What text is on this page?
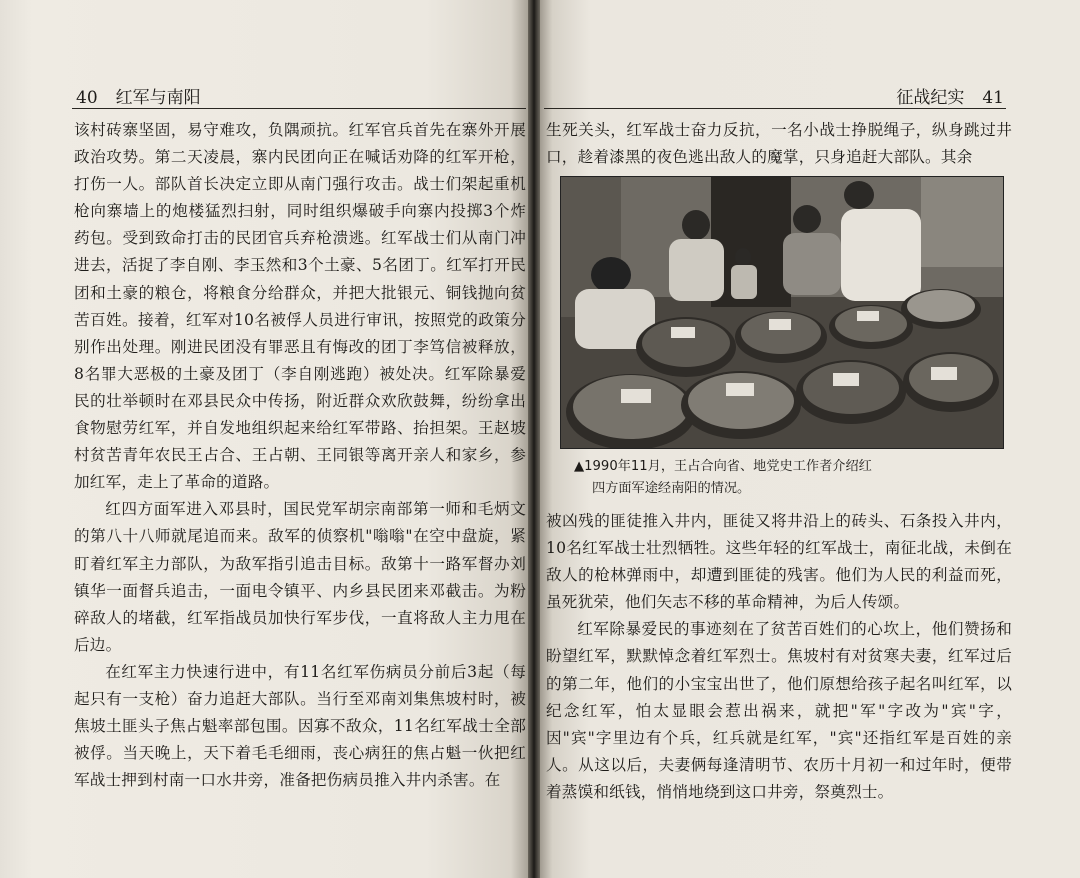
40 红军与南阳

该村砖寨坚固，易守难攻，负隅顽抗。红军官兵首先在寨外开展政治攻势。第二天凌晨，寨内民团向正在喊话劝降的红军开枪，打伤一人。部队首长决定立即从南门强行攻击。战士们架起重机枪向寨墙上的炮楼猛烈扫射，同时组织爆破手向寨内投掷3个炸药包。受到致命打击的民团官兵弃枪溃逃。红军战士们从南门冲进去，活捉了李自刚、李玉然和3个土豪、5名团丁。红军打开民团和土豪的粮仓，将粮食分给群众，并把大批银元、铜钱抛向贫苦百姓。接着，红军对10名被俘人员进行审讯，按照党的政策分别作出处理。刚进民团没有罪恶且有悔改的团丁李笃信被释放，8名罪大恶极的土豪及团丁（李自刚逃跑）被处决。红军除暴爱民的壮举顿时在邓县民众中传扬，附近群众欢欣鼓舞，纷纷拿出食物慰劳红军，并自发地组织起来给红军带路、抬担架。王赵坡村贫苦青年农民王占合、王占朝、王同银等离开亲人和家乡，参加红军，走上了革命的道路。

红四方面军进入邓县时，国民党军胡宗南部第一师和毛炳文的第八十八师就尾追而来。敌军的侦察机"嗡嗡"在空中盘旋，紧盯着红军主力部队，为敌军指引追击目标。敌第十一路军督办刘镇华一面督兵追击，一面电令镇平、内乡县民团来邓截击。为粉碎敌人的堵截，红军指战员加快行军步伐，一直将敌人主力甩在后边。

在红军主力快速行进中，有11名红军伤病员分前后3起（每起只有一支枪）奋力追赶大部队。当行至邓南刘集焦坡村时，被焦坡土匪头子焦占魁率部包围。因寡不敌众，11名红军战士全部被俘。当天晚上，天下着毛毛细雨，丧心病狂的焦占魁一伙把红军战士押到村南一口水井旁，准备把伤病员推入井内杀害。在

征战纪实 41

生死关头，红军战士奋力反抗，一名小战士挣脱绳子，纵身跳过井口，趁着漆黑的夜色逃出敌人的魔掌，只身追赶大部队。其余

▲1990年11月，王占合向省、地党史工作者介绍红
四方面军途经南阳的情况。

被凶残的匪徒推入井内，匪徒又将井沿上的砖头、石条投入井内，10名红军战士壮烈牺牲。这些年轻的红军战士，南征北战，未倒在敌人的枪林弹雨中，却遭到匪徒的残害。他们为人民的利益而死，虽死犹荣，他们矢志不移的革命精神，为后人传颂。

红军除暴爱民的事迹刻在了贫苦百姓们的心坎上，他们赞扬和盼望红军，默默悼念着红军烈士。焦坡村有对贫寒夫妻，红军过后的第二年，他们的小宝宝出世了，他们原想给孩子起名叫红军，以纪念红军，怕太显眼会惹出祸来，就把"军"字改为"宾"字，因"宾"字里边有个兵，红兵就是红军，"宾"还指红军是百姓的亲人。从这以后，夫妻俩每逢清明节、农历十月初一和过年时，便带着蒸馍和纸钱，悄悄地绕到这口井旁，祭奠烈士。
